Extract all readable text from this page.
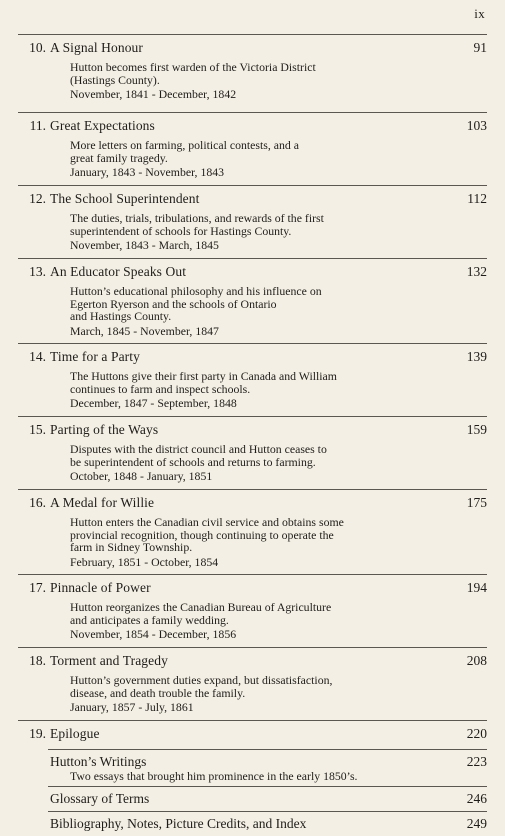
ix
10. A Signal Honour	91
Hutton becomes first warden of the Victoria District
(Hastings County).
November, 1841 - December, 1842
11. Great Expectations	103
More letters on farming, political contests, and a
great family tragedy.
January, 1843 - November, 1843
12. The School Superintendent	112
The duties, trials, tribulations, and rewards of the first
superintendent of schools for Hastings County.
November, 1843 - March, 1845
13. An Educator Speaks Out	132
Hutton’s educational philosophy and his influence on
Egerton Ryerson and the schools of Ontario
and Hastings County.
March, 1845 - November, 1847
14. Time for a Party	139
The Huttons give their first party in Canada and William
continues to farm and inspect schools.
December, 1847 - September, 1848
15. Parting of the Ways	159
Disputes with the district council and Hutton ceases to
be superintendent of schools and returns to farming.
October, 1848 - January, 1851
16. A Medal for Willie	175
Hutton enters the Canadian civil service and obtains some
provincial recognition, though continuing to operate the
farm in Sidney Township.
February, 1851 - October, 1854
17. Pinnacle of Power	194
Hutton reorganizes the Canadian Bureau of Agriculture
and anticipates a family wedding.
November, 1854 - December, 1856
18. Torment and Tragedy	208
Hutton’s government duties expand, but dissatisfaction,
disease, and death trouble the family.
January, 1857 - July, 1861
19. Epilogue	220
Hutton’s Writings	223
Two essays that brought him prominence in the early 1850’s.
Glossary of Terms	246
Bibliography, Notes, Picture Credits, and Index	249
